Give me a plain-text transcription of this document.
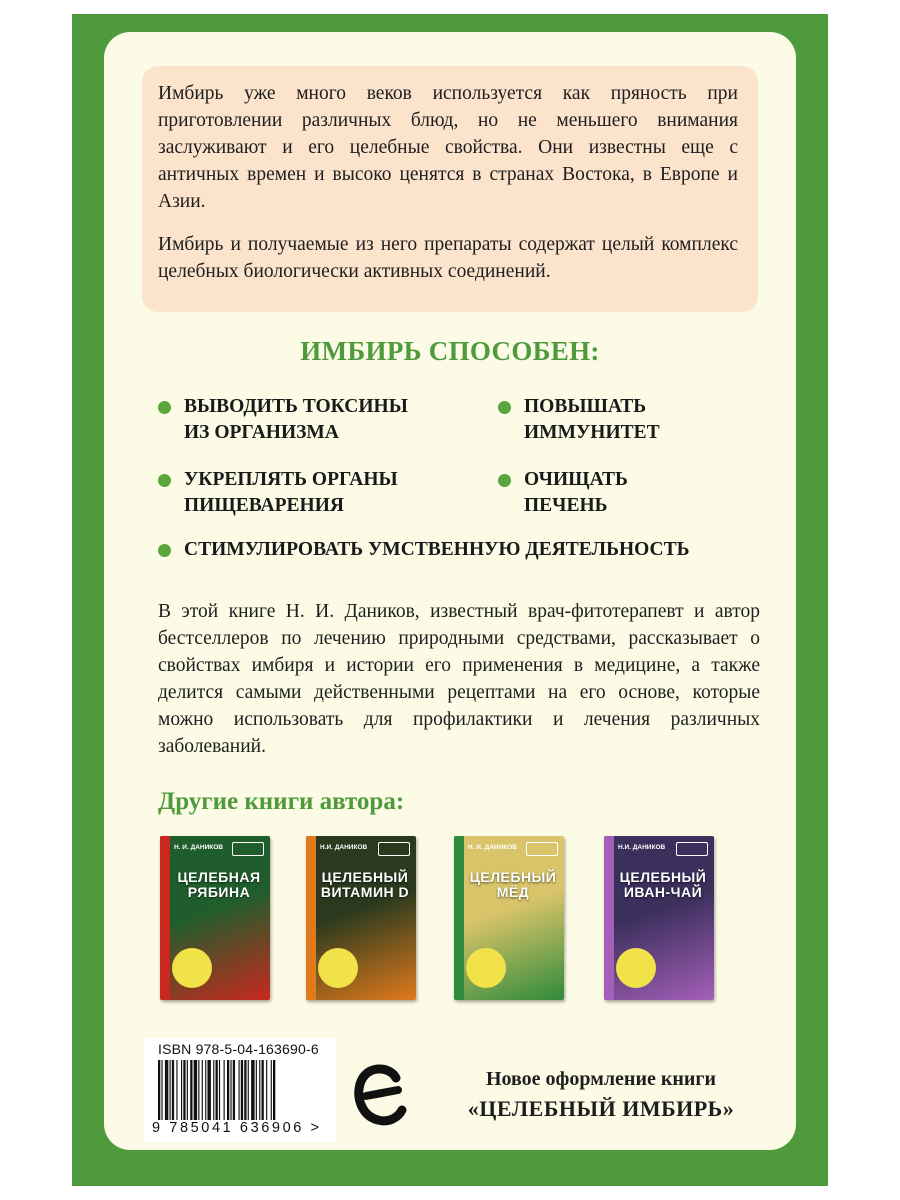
Имбирь уже много веков используется как пряность при приготовлении различных блюд, но не меньшего внимания заслуживают и его целебные свойства. Они известны еще с античных времен и высоко ценятся в странах Востока, в Европе и Азии.

Имбирь и получаемые из него препараты содержат целый комплекс целебных биологически активных соединений.

ИМБИРЬ СПОСОБЕН:
ВЫВОДИТЬ ТОКСИНЫ
ИЗ ОРГАНИЗМА
ПОВЫШАТЬ
ИММУНИТЕТ
УКРЕПЛЯТЬ ОРГАНЫ
ПИЩЕВАРЕНИЯ
ОЧИЩАТЬ
ПЕЧЕНЬ
СТИМУЛИРОВАТЬ УМСТВЕННУЮ ДЕЯТЕЛЬНОСТЬ
В этой книге Н. И. Даников, известный врач-фитотерапевт и автор бестселлеров по лечению природными средствами, рассказывает о свойствах имбиря и истории его применения в медицине, а также делится самыми действенными рецептами на его основе, которые можно использовать для профилактики и лечения различных заболеваний.
Другие книги автора:
Н. И. ДАНИКОВ
ЦЕЛЕБНАЯ РЯБИНА
Н.И. ДАНИКОВ
ЦЕЛЕБНЫЙ ВИТАМИН D
Н. И. ДАНИКОВ
ЦЕЛЕБНЫЙ МЁД
Н.И. ДАНИКОВ
ЦЕЛЕБНЫЙ ИВАН-ЧАЙ
ISBN 978-5-04-163690-6
9 785041 636906 >
Новое оформление книги
«ЦЕЛЕБНЫЙ ИМБИРЬ»
